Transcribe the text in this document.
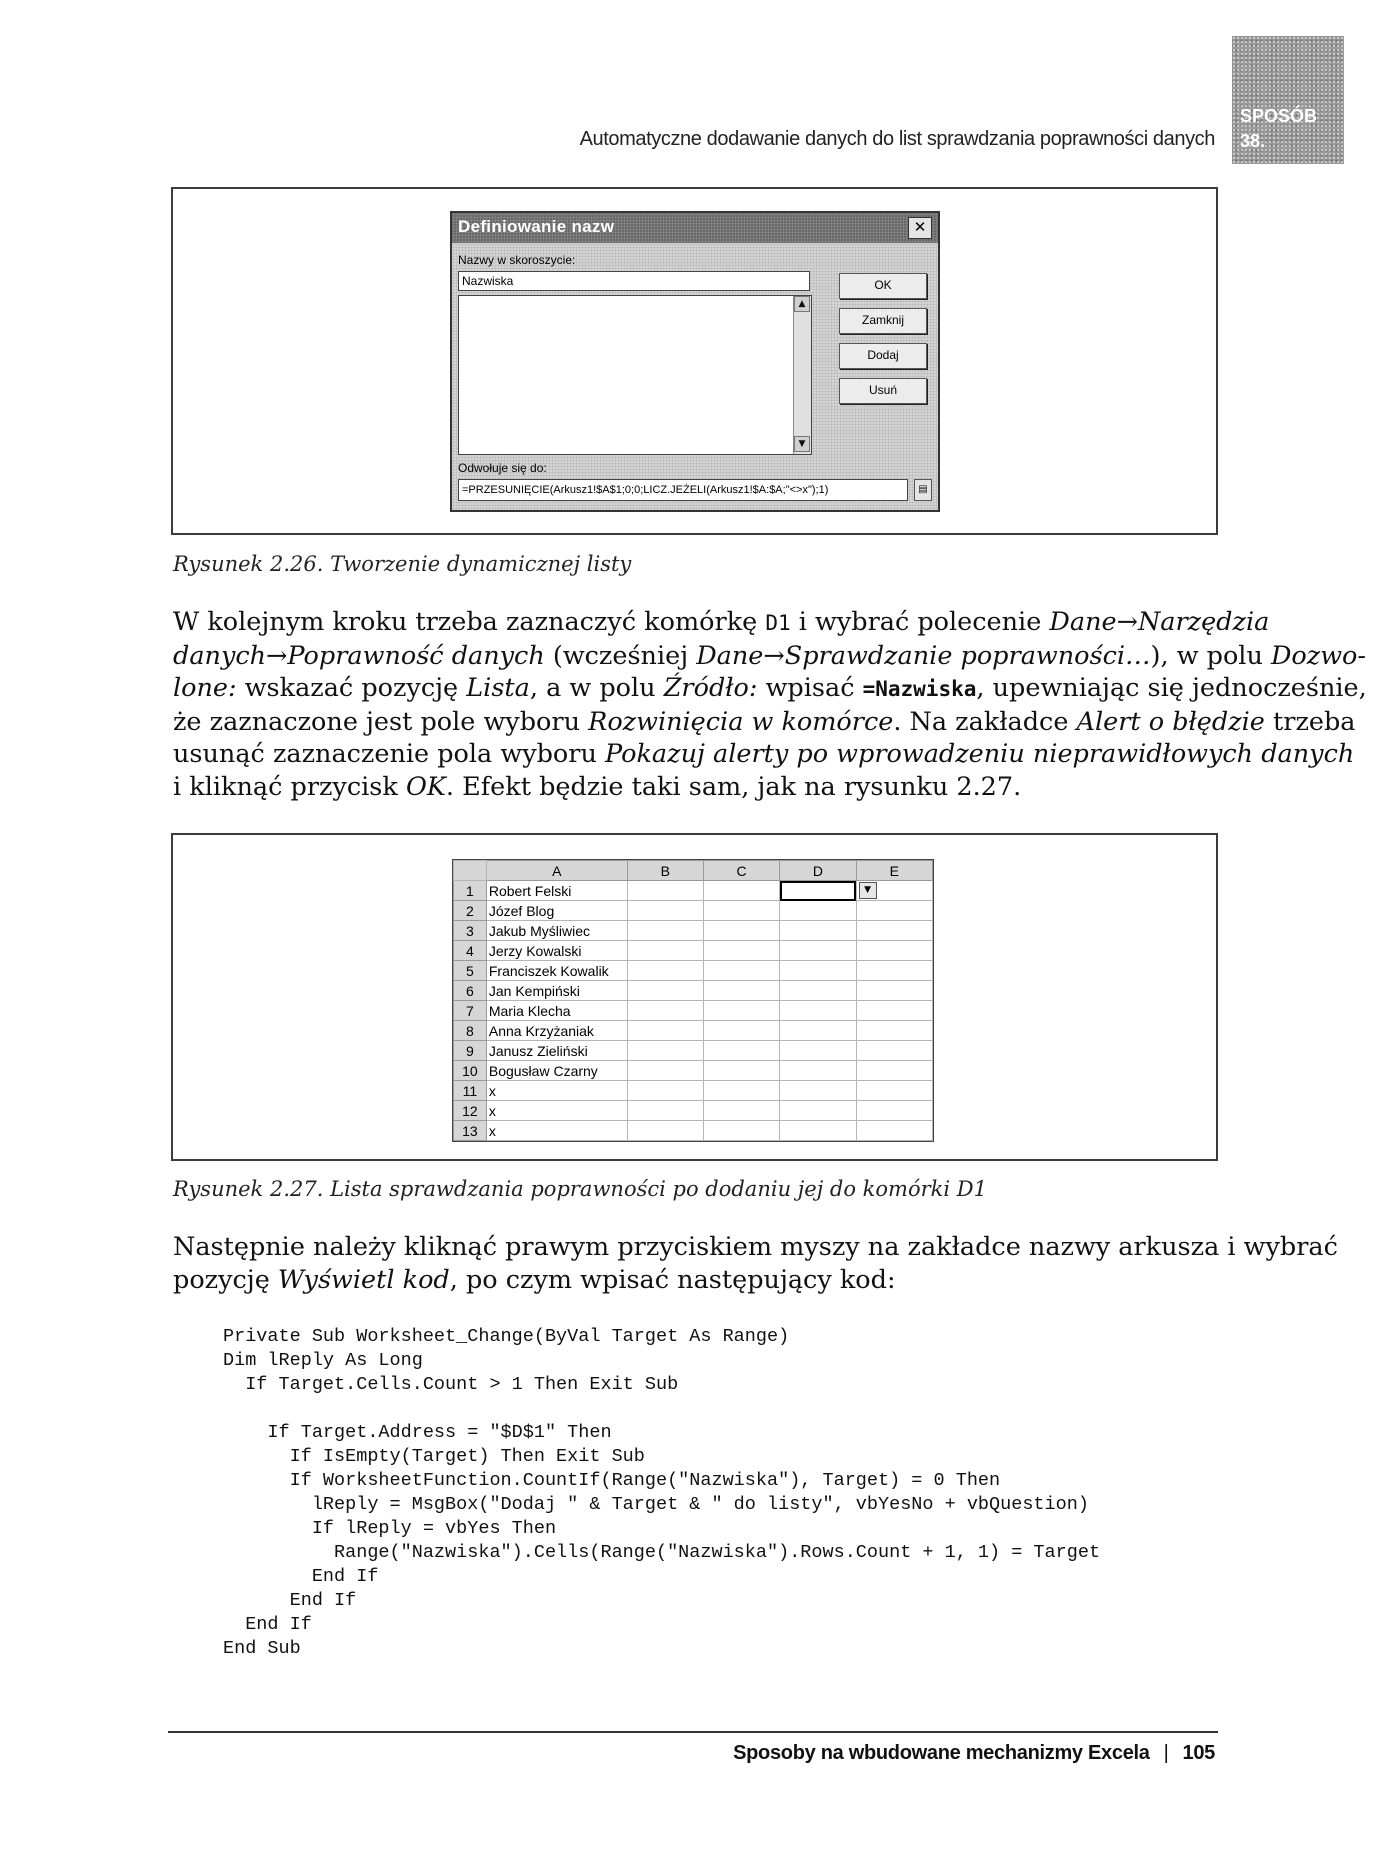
Automatyczne dodawanie danych do list sprawdzania poprawności danych
SPOSÓB
38.
Definiowanie nazw	✕
Nazwy w skoroszycie:
Nazwiska
▲
▼
OK
Zamknij
Dodaj
Usuń
Odwołuje się do:
=PRZESUNIĘCIE(Arkusz1!$A$1;0;0;LICZ.JEŻELI(Arkusz1!$A:$A;"<>x");1)	▤
Rysunek 2.26. Tworzenie dynamicznej listy
W kolejnym kroku trzeba zaznaczyć komórkę D1 i wybrać polecenie Dane→Narzędzia
danych→Poprawność danych (wcześniej Dane→Sprawdzanie poprawności…), w polu Dozwo-
lone: wskazać pozycję Lista, a w polu Źródło: wpisać =Nazwiska, upewniając się jednocześnie,
że zaznaczone jest pole wyboru Rozwinięcia w komórce. Na zakładce Alert o błędzie trzeba
usunąć zaznaczenie pola wyboru Pokazuj alerty po wprowadzeniu nieprawidłowych danych
i kliknąć przycisk OK. Efekt będzie taki sam, jak na rysunku 2.27.
	A	B	C	D	E
1	Robert Felski				▼

2	Józef Blog				
3	Jakub Myśliwiec				
4	Jerzy Kowalski				
5	Franciszek Kowalik				
6	Jan Kempiński				
7	Maria Klecha				
8	Anna Krzyżaniak				
9	Janusz Zieliński				
10	Bogusław Czarny				
11	x				
12	x				
13	x				
Rysunek 2.27. Lista sprawdzania poprawności po dodaniu jej do komórki D1
Następnie należy kliknąć prawym przyciskiem myszy na zakładce nazwy arkusza i wybrać
pozycję Wyświetl kod, po czym wpisać następujący kod:
Private Sub Worksheet_Change(ByVal Target As Range)
Dim lReply As Long
If Target.Cells.Count > 1 Then Exit Sub

If Target.Address = "$D$1" Then
If IsEmpty(Target) Then Exit Sub
If WorksheetFunction.CountIf(Range("Nazwiska"), Target) = 0 Then
lReply = MsgBox("Dodaj " & Target & " do listy", vbYesNo + vbQuestion)
If lReply = vbYes Then
Range("Nazwiska").Cells(Range("Nazwiska").Rows.Count + 1, 1) = Target
End If
End If
End If
End Sub
Sposoby na wbudowane mechanizmy Excela | 105
